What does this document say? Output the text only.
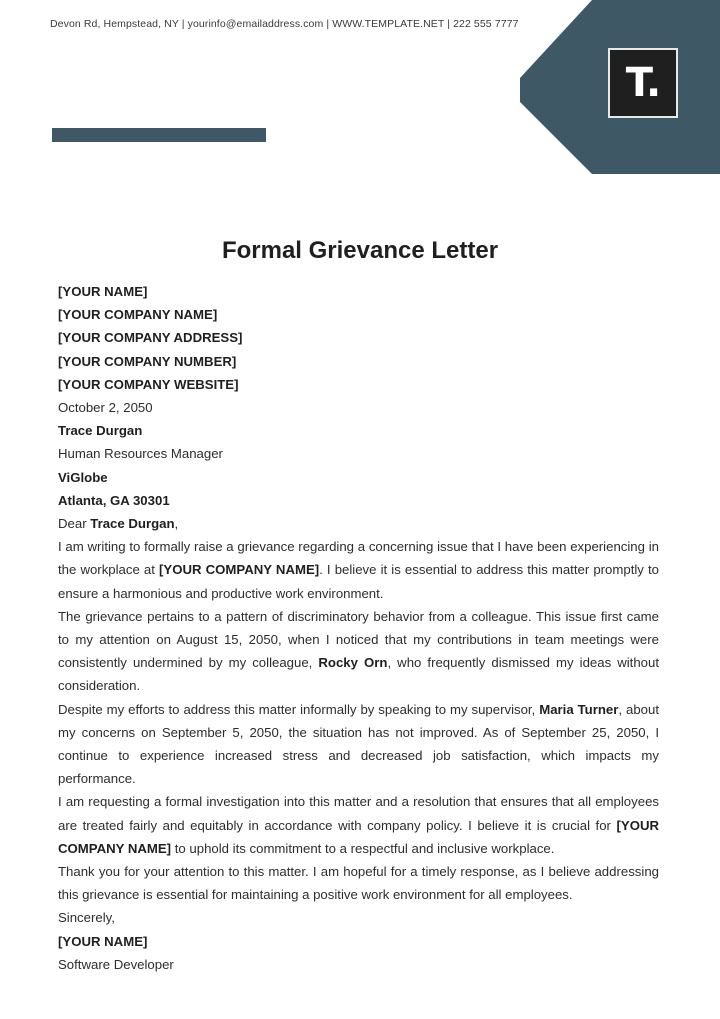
Devon Rd, Hempstead, NY | yourinfo@emailaddress.com | WWW.TEMPLATE.NET | 222 555 7777
T.
Formal Grievance Letter
[YOUR NAME]
[YOUR COMPANY NAME]
[YOUR COMPANY ADDRESS]
[YOUR COMPANY NUMBER]
[YOUR COMPANY WEBSITE]
October 2, 2050
Trace Durgan
Human Resources Manager
ViGlobe
Atlanta, GA 30301
Dear Trace Durgan,
I am writing to formally raise a grievance regarding a concerning issue that I have been experiencing in the workplace at [YOUR COMPANY NAME]. I believe it is essential to address this matter promptly to ensure a harmonious and productive work environment.
The grievance pertains to a pattern of discriminatory behavior from a colleague. This issue first came to my attention on August 15, 2050, when I noticed that my contributions in team meetings were consistently undermined by my colleague, Rocky Orn, who frequently dismissed my ideas without consideration.
Despite my efforts to address this matter informally by speaking to my supervisor, Maria Turner, about my concerns on September 5, 2050, the situation has not improved. As of September 25, 2050, I continue to experience increased stress and decreased job satisfaction, which impacts my performance.
I am requesting a formal investigation into this matter and a resolution that ensures that all employees are treated fairly and equitably in accordance with company policy. I believe it is crucial for [YOUR COMPANY NAME] to uphold its commitment to a respectful and inclusive workplace.
Thank you for your attention to this matter. I am hopeful for a timely response, as I believe addressing this grievance is essential for maintaining a positive work environment for all employees.
Sincerely,
[YOUR NAME]
Software Developer
